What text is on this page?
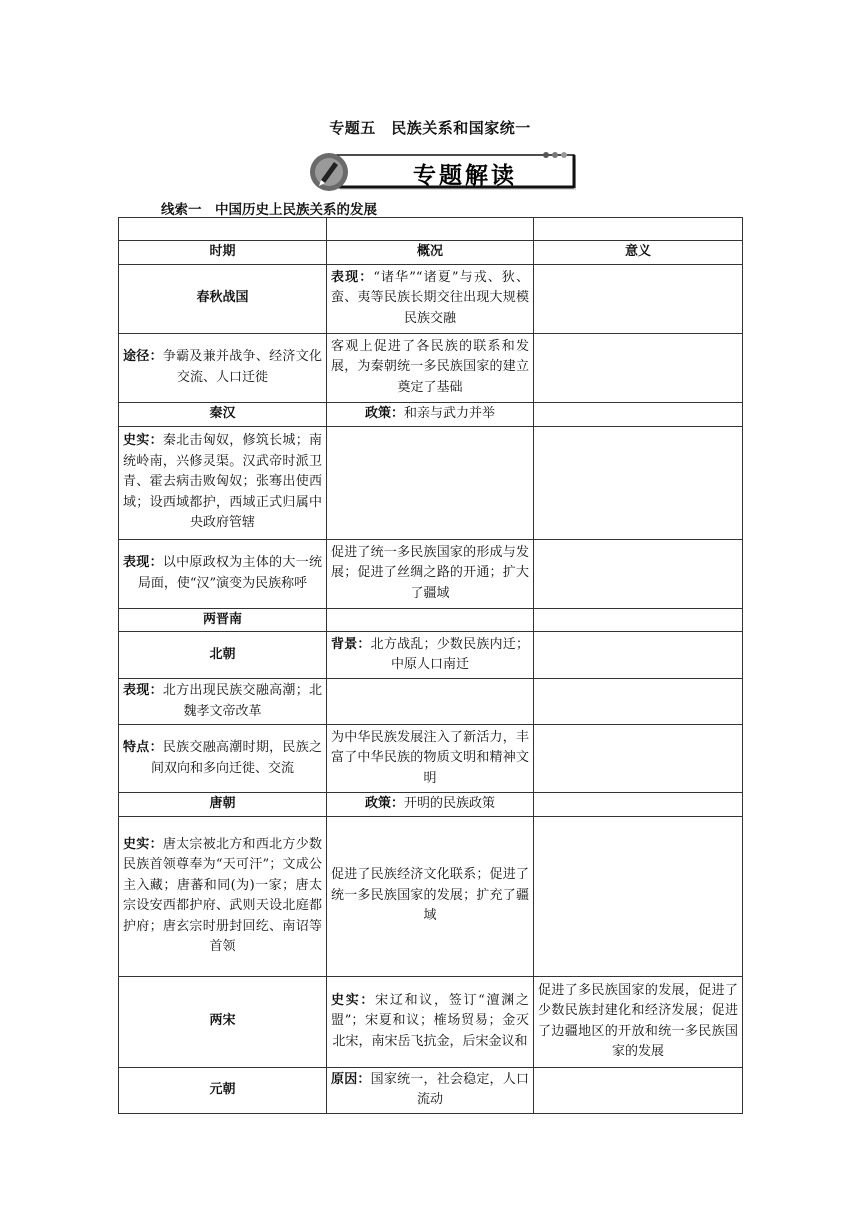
专题五　民族关系和国家统一
专题解读
线索一　中国历史上民族关系的发展

时期	概况	意义
春秋战国	表现：“诸华”“诸夏”与戎、狄、蛮、夷等民族长期交往出现大规模民族交融	
途径：争霸及兼并战争、经济文化交流、人口迁徙	客观上促进了各民族的联系和发展，为秦朝统一多民族国家的建立奠定了基础	
秦汉	政策：和亲与武力并举	
史实：秦北击匈奴，修筑长城；南统岭南，兴修灵渠。汉武帝时派卫青、霍去病击败匈奴；张骞出使西域；设西域都护，西域正式归属中央政府管辖		
表现：以中原政权为主体的大一统局面，使“汉”演变为民族称呼	促进了统一多民族国家的形成与发展；促进了丝绸之路的开通；扩大了疆域	
两晋南		
北朝	背景：北方战乱；少数民族内迁；中原人口南迁	
表现：北方出现民族交融高潮；北魏孝文帝改革		
特点：民族交融高潮时期，民族之间双向和多向迁徙、交流	为中华民族发展注入了新活力，丰富了中华民族的物质文明和精神文明	
唐朝	政策：开明的民族政策	
史实：唐太宗被北方和西北方少数民族首领尊奉为“天可汗”；文成公主入藏；唐蕃和同(为)一家；唐太宗设安西都护府、武则天设北庭都护府；唐玄宗时册封回纥、南诏等首领	促进了民族经济文化联系；促进了统一多民族国家的发展；扩充了疆域	
两宋	史实：宋辽和议，签订“澶渊之盟”；宋夏和议；榷场贸易；金灭北宋，南宋岳飞抗金，后宋金议和	促进了多民族国家的发展，促进了少数民族封建化和经济发展；促进了边疆地区的开放和统一多民族国家的发展
元朝	原因：国家统一，社会稳定，人口流动	
